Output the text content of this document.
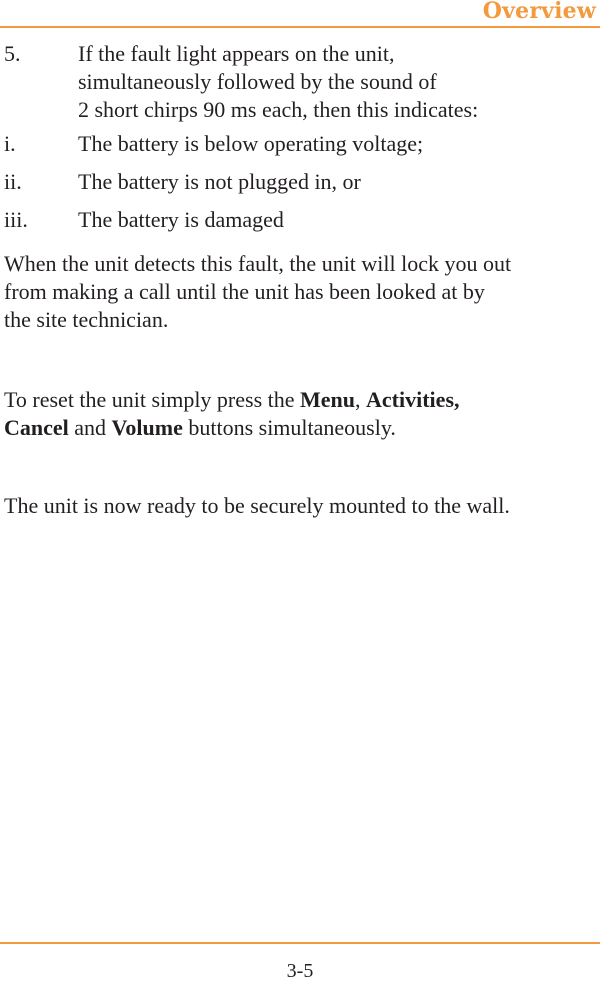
Overview
5.	If the fault light appears on the unit,
simultaneously followed by the sound of
2 short chirps 90 ms each, then this indicates:
i.	The battery is below operating voltage;
ii.	The battery is not plugged in, or
iii.	The battery is damaged

When the unit detects this fault, the unit will lock you out
from making a call until the unit has been looked at by
the site technician.

To reset the unit simply press the Menu, Activities,
Cancel and Volume buttons simultaneously.

The unit is now ready to be securely mounted to the wall.

3-5
